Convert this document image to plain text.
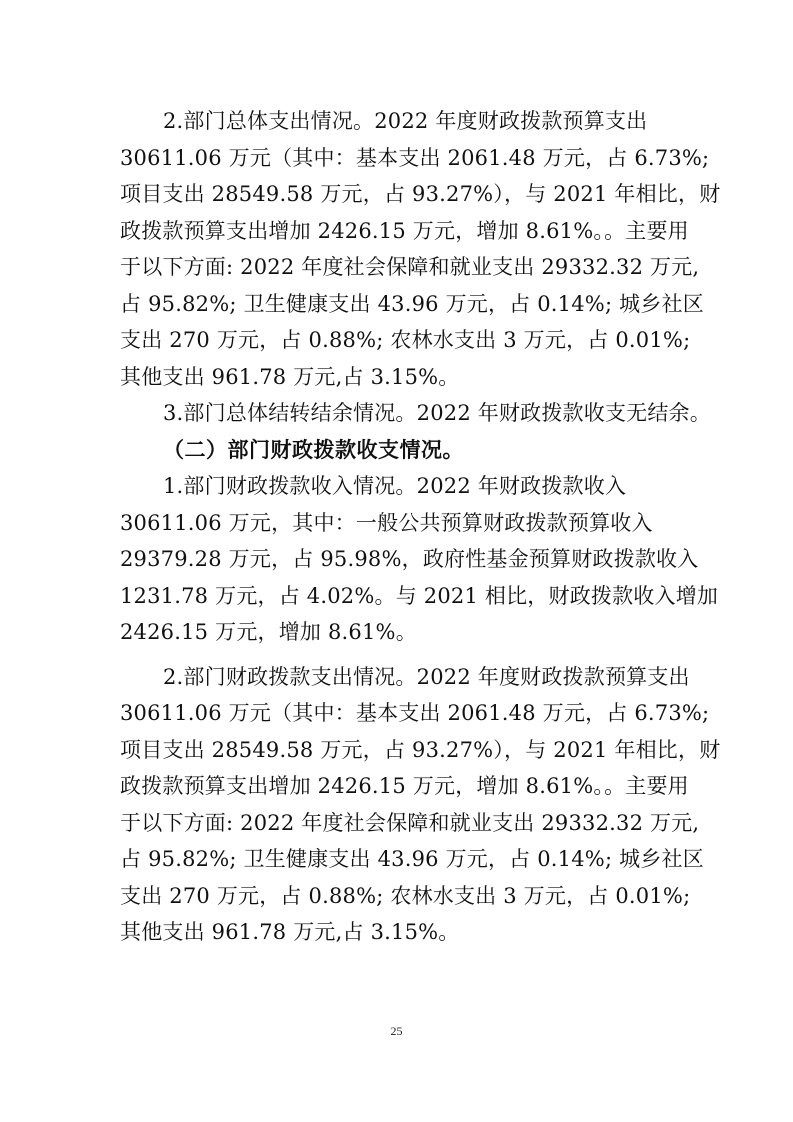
2.部门总体支出情况。2022 年度财政拨款预算支出
30611.06 万元（其中：基本支出 2061.48 万元，占 6.73%;
项目支出 28549.58 万元，占 93.27%），与 2021 年相比，财
政拨款预算支出增加 2426.15 万元，增加 8.61%。。主要用
于以下方面: 2022 年度社会保障和就业支出 29332.32 万元,
占 95.82%; 卫生健康支出 43.96 万元，占 0.14%; 城乡社区
支出 270 万元，占 0.88%; 农林水支出 3 万元，占 0.01%;
其他支出 961.78 万元,占 3.15%。
3.部门总体结转结余情况。2022 年财政拨款收支无结余。
（二）部门财政拨款收支情况。
1.部门财政拨款收入情况。2022 年财政拨款收入
30611.06 万元，其中：一般公共预算财政拨款预算收入
29379.28 万元，占 95.98%，政府性基金预算财政拨款收入
1231.78 万元，占 4.02%。与 2021 相比，财政拨款收入增加
2426.15 万元，增加 8.61%。
2.部门财政拨款支出情况。2022 年度财政拨款预算支出
30611.06 万元（其中：基本支出 2061.48 万元，占 6.73%;
项目支出 28549.58 万元，占 93.27%），与 2021 年相比，财
政拨款预算支出增加 2426.15 万元，增加 8.61%。。主要用
于以下方面: 2022 年度社会保障和就业支出 29332.32 万元,
占 95.82%; 卫生健康支出 43.96 万元，占 0.14%; 城乡社区
支出 270 万元，占 0.88%; 农林水支出 3 万元，占 0.01%;
其他支出 961.78 万元,占 3.15%。
25
